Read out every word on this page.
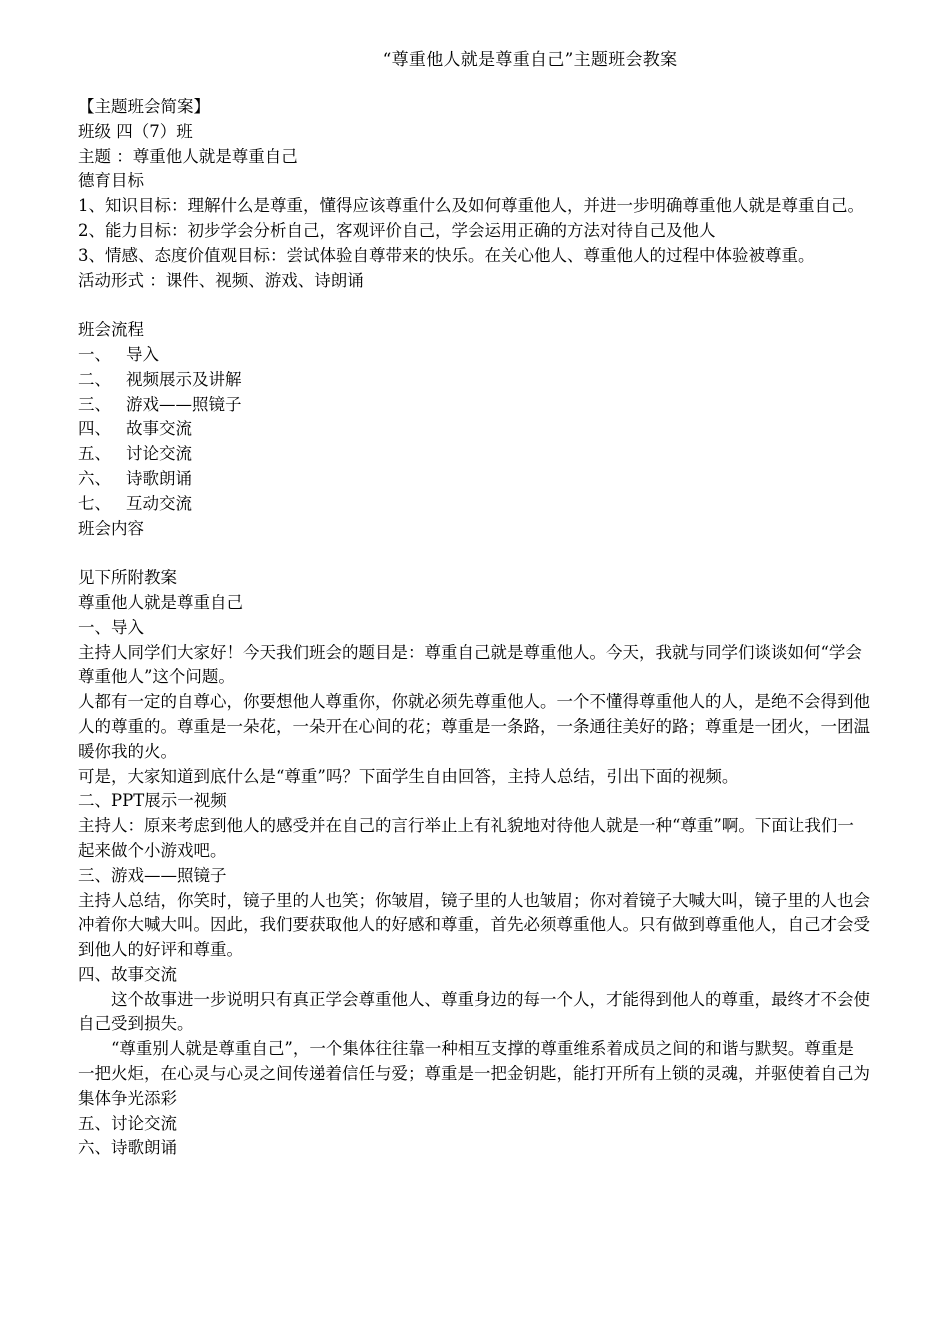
“尊重他人就是尊重自己”主题班会教案

【主题班会简案】

班级 四（7）班

主题 ：尊重他人就是尊重自己

德育目标

1、知识目标：理解什么是尊重，懂得应该尊重什么及如何尊重他人，并进一步明确尊重他人就是尊重自己。

2、能力目标：初步学会分析自己，客观评价自己，学会运用正确的方法对待自己及他人

3、情感、态度价值观目标：尝试体验自尊带来的快乐。在关心他人、尊重他人的过程中体验被尊重。

活动形式 ：课件、视频、游戏、诗朗诵

班会流程

一、 导入

二、 视频展示及讲解

三、 游戏——照镜子

四、 故事交流

五、 讨论交流

六、 诗歌朗诵

七、 互动交流

班会内容

见下所附教案

尊重他人就是尊重自己

一、导入

主持人同学们大家好！今天我们班会的题目是：尊重自己就是尊重他人。今天，我就与同学们谈谈如何“学会尊重他人”这个问题。

人都有一定的自尊心，你要想他人尊重你，你就必须先尊重他人。一个不懂得尊重他人的人，是绝不会得到他人的尊重的。尊重是一朵花，一朵开在心间的花；尊重是一条路，一条通往美好的路；尊重是一团火，一团温暖你我的火。

可是，大家知道到底什么是“尊重”吗？下面学生自由回答，主持人总结，引出下面的视频。

二、PPT展示一视频

主持人：原来考虑到他人的感受并在自己的言行举止上有礼貌地对待他人就是一种“尊重”啊。下面让我们一起来做个小游戏吧。

三、游戏——照镜子

主持人总结，你笑时，镜子里的人也笑；你皱眉，镜子里的人也皱眉；你对着镜子大喊大叫，镜子里的人也会冲着你大喊大叫。因此，我们要获取他人的好感和尊重，首先必须尊重他人。只有做到尊重他人，自己才会受到他人的好评和尊重。

四、故事交流

这个故事进一步说明只有真正学会尊重他人、尊重身边的每一个人，才能得到他人的尊重，最终才不会使自己受到损失。

“尊重别人就是尊重自己”，一个集体往往靠一种相互支撑的尊重维系着成员之间的和谐与默契。尊重是一把火炬，在心灵与心灵之间传递着信任与爱；尊重是一把金钥匙，能打开所有上锁的灵魂，并驱使着自己为集体争光添彩

五、讨论交流

六、诗歌朗诵
